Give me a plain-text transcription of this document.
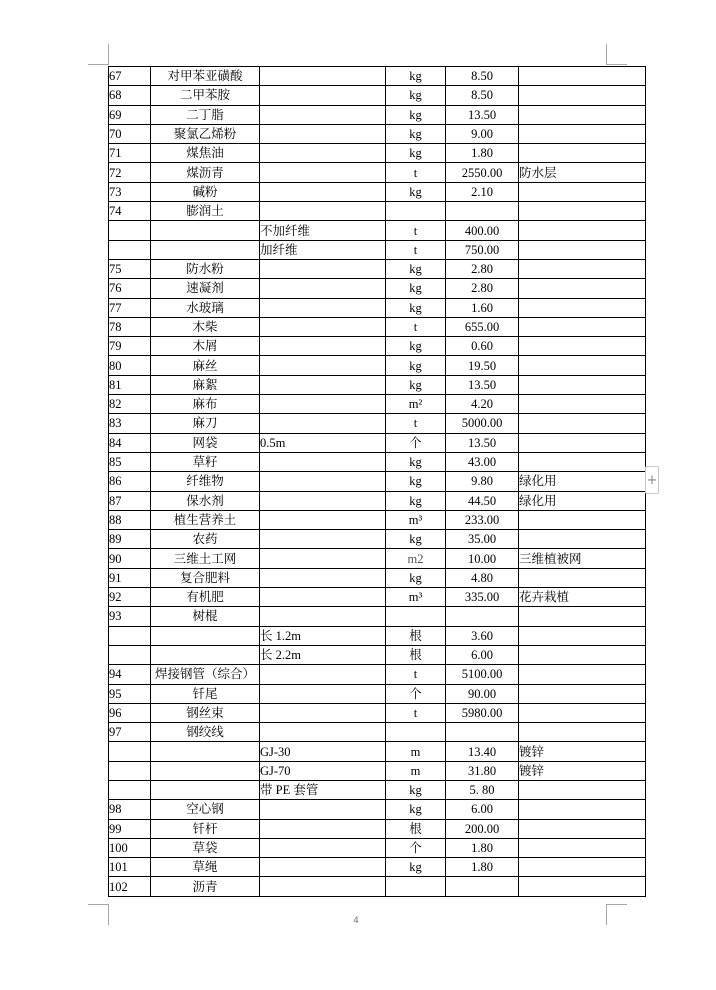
67	对甲苯亚磺酸		kg	8.50	
68	二甲苯胺		kg	8.50	
69	二丁脂		kg	13.50	
70	聚氯乙烯粉		kg	9.00	
71	煤焦油		kg	1.80	
72	煤沥青		t	2550.00	防水层
73	碱粉		kg	2.10	
74	膨润土				
		不加纤维	t	400.00	
		加纤维	t	750.00	
75	防水粉		kg	2.80	
76	速凝剂		kg	2.80	
77	水玻璃		kg	1.60	
78	木柴		t	655.00	
79	木屑		kg	0.60	
80	麻丝		kg	19.50	
81	麻絮		kg	13.50	
82	麻布		m²	4.20	
83	麻刀		t	5000.00	
84	网袋	0.5m	个	13.50	
85	草籽		kg	43.00	
86	纤维物		kg	9.80	绿化用
87	保水剂		kg	44.50	绿化用
88	植生营养土		m³	233.00	
89	农药		kg	35.00	
90	三维土工网		m2	10.00	三维植被网
91	复合肥料		kg	4.80	
92	有机肥		m³	335.00	花卉栽植
93	树棍				
		长 1.2m	根	3.60	
		长 2.2m	根	6.00	
94	焊接钢管（综合）		t	5100.00	
95	钎尾		个	90.00	
96	钢丝束		t	5980.00	
97	钢绞线				
		GJ-30	m	13.40	镀锌
		GJ-70	m	31.80	镀锌
		带 PE 套管	kg	5. 80	
98	空心钢		kg	6.00	
99	钎杆		根	200.00	
100	草袋		个	1.80	
101	草绳		kg	1.80	
102	沥青				
+
4
